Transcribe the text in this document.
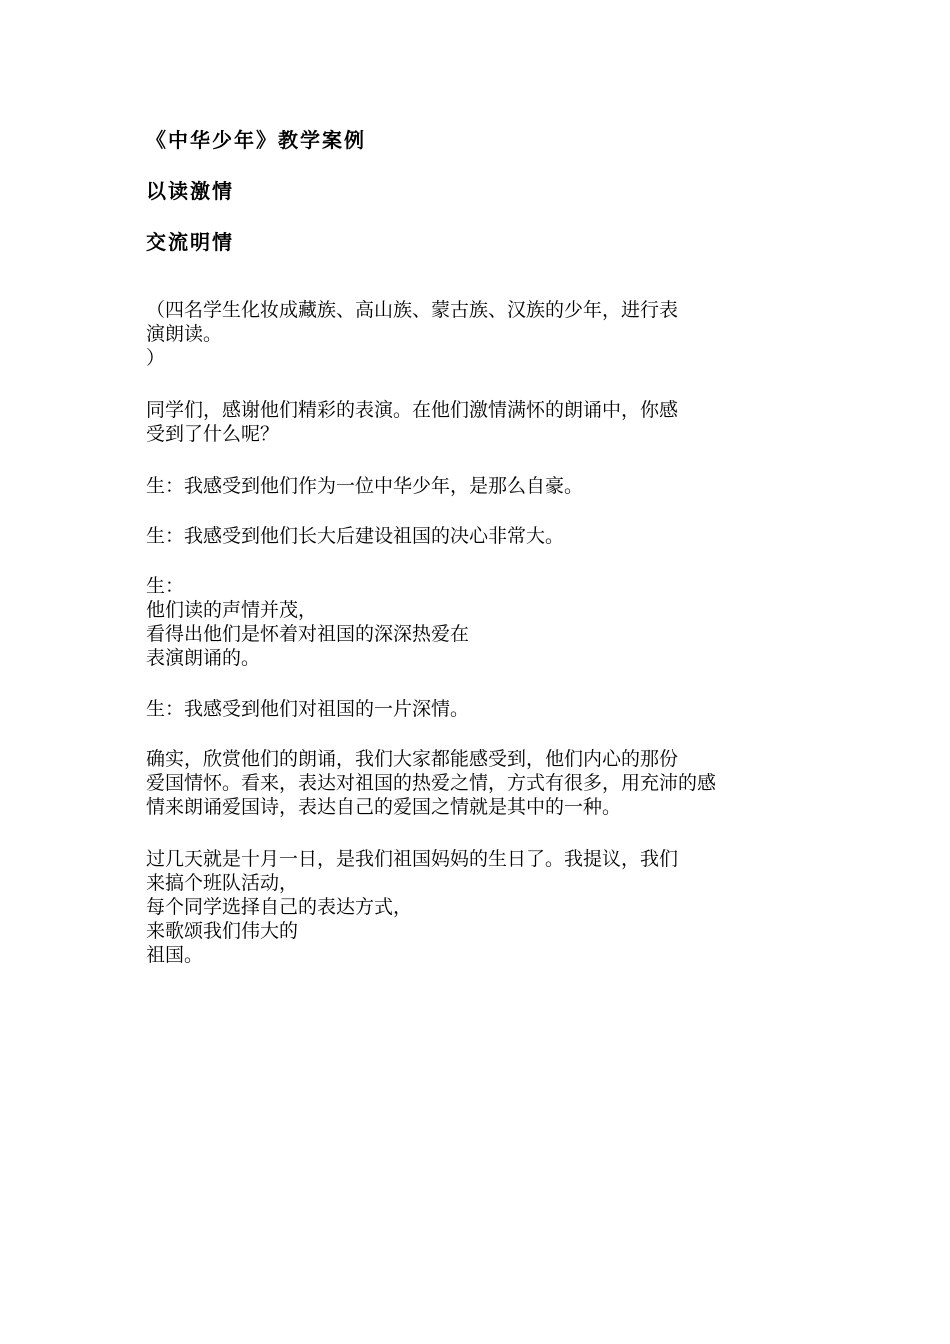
《中华少年》教学案例
以读激情
交流明情
（四名学生化妆成藏族、高山族、蒙古族、汉族的少年，进行表
演朗读。
）
同学们，感谢他们精彩的表演。在他们激情满怀的朗诵中，你感
受到了什么呢？
生：我感受到他们作为一位中华少年，是那么自豪。
生：我感受到他们长大后建设祖国的决心非常大。
生：
他们读的声情并茂，
看得出他们是怀着对祖国的深深热爱在
表演朗诵的。
生：我感受到他们对祖国的一片深情。
确实，欣赏他们的朗诵，我们大家都能感受到，他们内心的那份
爱国情怀。看来，表达对祖国的热爱之情，方式有很多，用充沛的感
情来朗诵爱国诗，表达自己的爱国之情就是其中的一种。
过几天就是十月一日，是我们祖国妈妈的生日了。我提议，我们
来搞个班队活动，
每个同学选择自己的表达方式，
来歌颂我们伟大的
祖国。
